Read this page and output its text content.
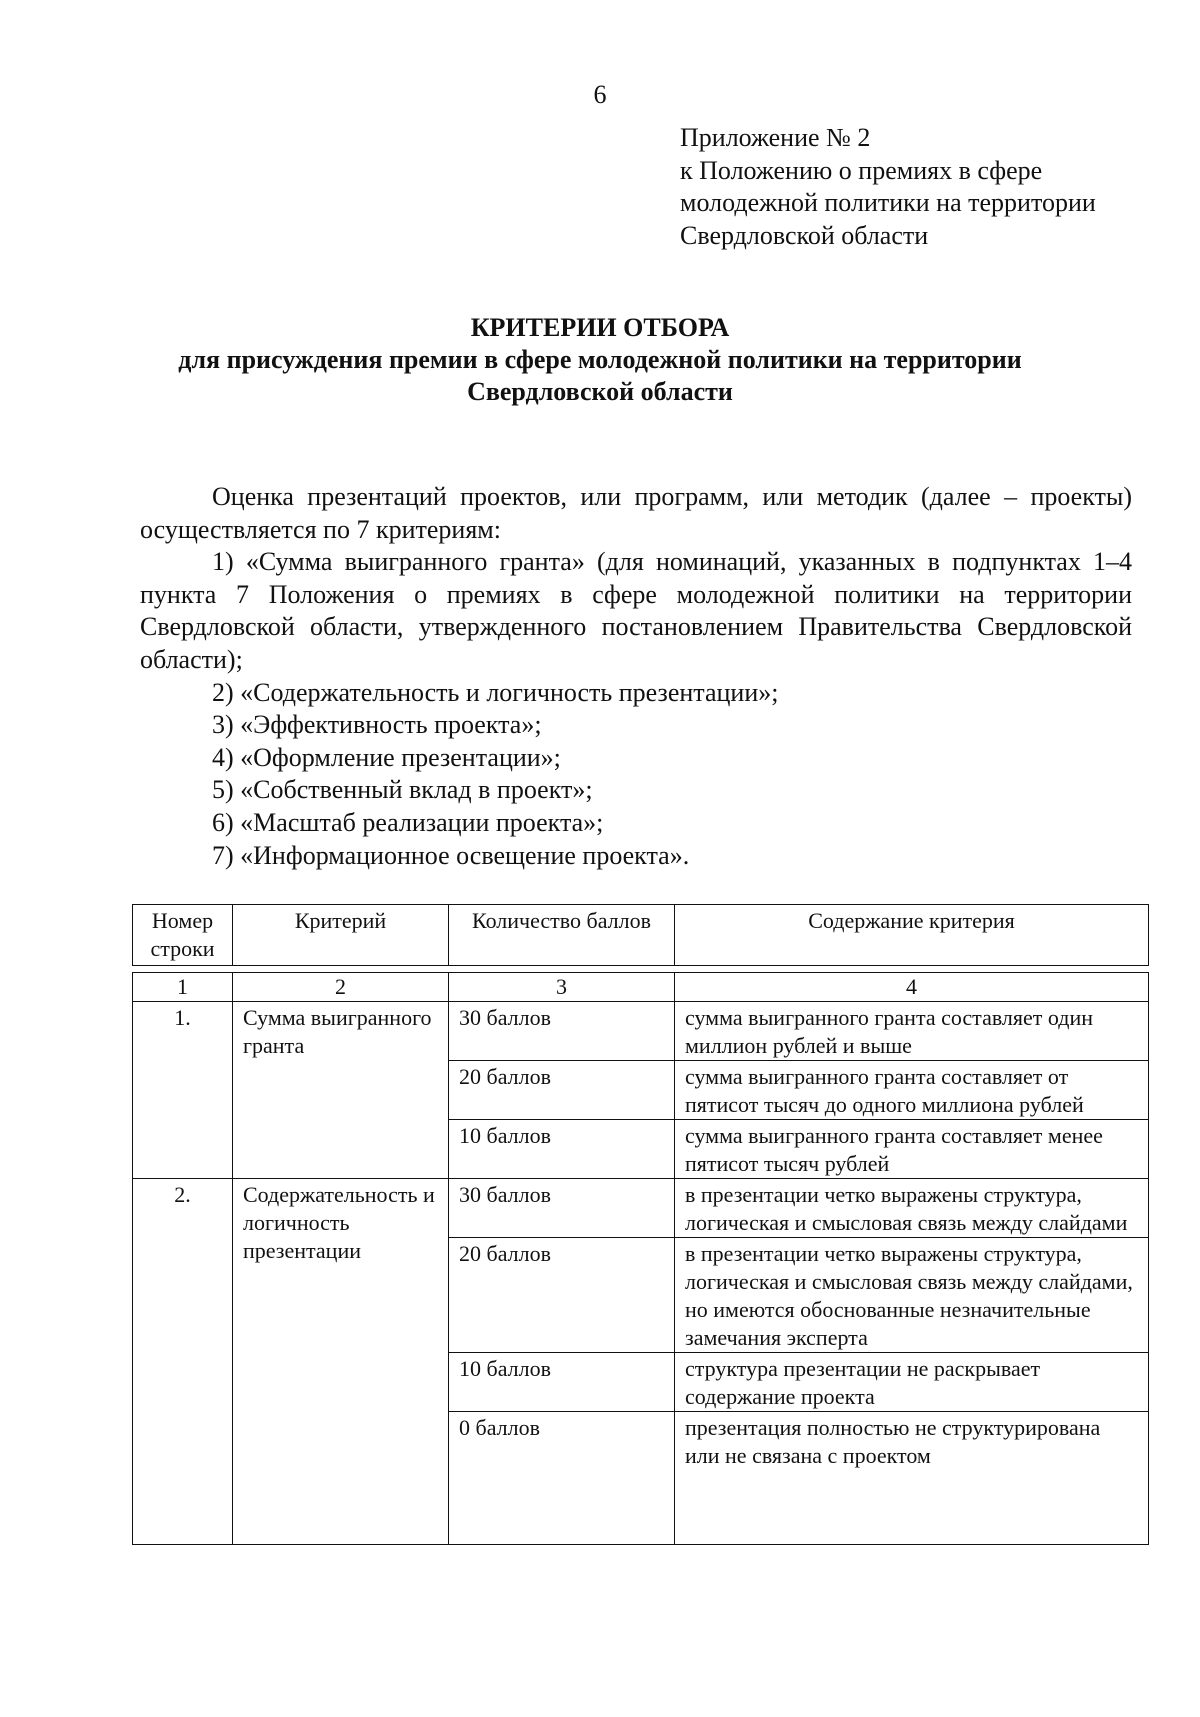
6
Приложение № 2
к Положению о премиях в сфере
молодежной политики на территории
Свердловской области
КРИТЕРИИ ОТБОРА
для присуждения премии в сфере молодежной политики на территории
Свердловской области
Оценка презентаций проектов, или программ, или методик (далее – проекты) осуществляется по 7 критериям:
1) «Сумма выигранного гранта» (для номинаций, указанных в подпунктах 1–4 пункта 7 Положения о премиях в сфере молодежной политики на территории Свердловской области, утвержденного постановлением Правительства Свердловской области);
2) «Содержательность и логичность презентации»;
3) «Эффективность проекта»;
4) «Оформление презентации»;
5) «Собственный вклад в проект»;
6) «Масштаб реализации проекта»;
7) «Информационное освещение проекта».
Номер строки	Критерий	Количество баллов	Содержание критерия

1	2	3	4
1.	Сумма выигранного гранта	30 баллов	сумма выигранного гранта составляет один миллион рублей и выше
		20 баллов	сумма выигранного гранта составляет от пятисот тысяч до одного миллиона рублей
		10 баллов	сумма выигранного гранта составляет менее пятисот тысяч рублей
2.	Содержательность и логичность презентации	30 баллов	в презентации четко выражены структура, логическая и смысловая связь между слайдами
		20 баллов	в презентации четко выражены структура, логическая и смысловая связь между слайдами, но имеются обоснованные незначительные замечания эксперта
		10 баллов	структура презентации не раскрывает содержание проекта
		0 баллов	презентация полностью не структурирована или не связана с проектом
